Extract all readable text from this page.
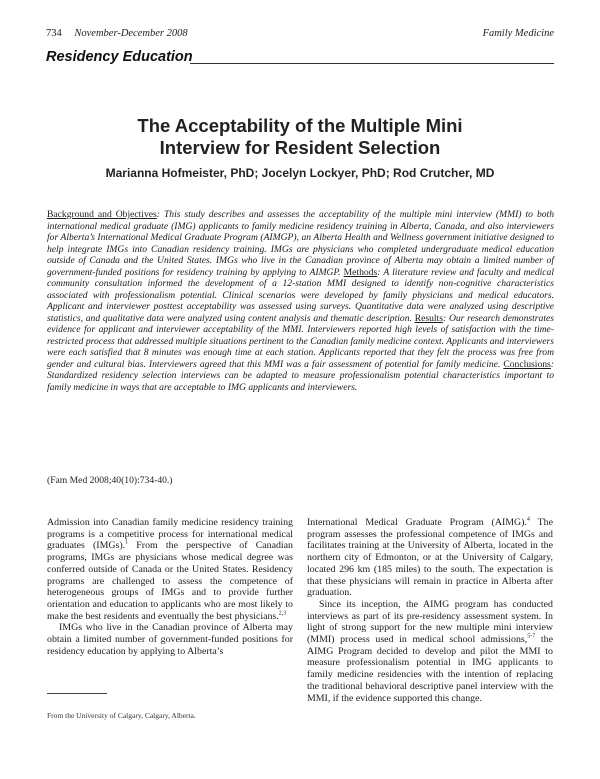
734 November-December 2008	Family Medicine
Residency Education
The Acceptability of the Multiple Mini
Interview for Resident Selection
Marianna Hofmeister, PhD; Jocelyn Lockyer, PhD; Rod Crutcher, MD
Background and Objectives: This study describes and assesses the acceptability of the multiple mini interview (MMI) to both international medical graduate (IMG) applicants to family medicine residency training in Alberta, Canada, and also interviewers for Alberta’s International Medical Graduate Program (AIMGP), an Alberta Health and Wellness government initiative designed to help integrate IMGs into Canadian residency training. IMGs are physicians who completed undergraduate medical education outside of Canada and the United States. IMGs who live in the Canadian province of Alberta may obtain a limited number of government-funded positions for residency training by applying to AIMGP. Methods: A literature review and faculty and medical community consultation informed the development of a 12-station MMI designed to identify non-cognitive characteristics associated with professionalism potential. Clinical scenarios were developed by family physicians and medical educators. Applicant and interviewer posttest acceptability was assessed using surveys. Quantitative data were analyzed using descriptive statistics, and qualitative data were analyzed using content analysis and thematic description. Results: Our research demonstrates evidence for applicant and interviewer acceptability of the MMI. Interviewers reported high levels of satisfaction with the time-restricted process that addressed multiple situations pertinent to the Canadian family medicine context. Applicants and interviewers were each satisfied that 8 minutes was enough time at each station. Applicants reported that they felt the process was free from gender and cultural bias. Interviewers agreed that this MMI was a fair assessment of potential for family medicine. Conclusions: Standardized residency selection interviews can be adapted to measure professionalism potential characteristics important to family medicine in ways that are acceptable to IMG applicants and interviewers.
(Fam Med 2008;40(10):734-40.)

Admission into Canadian family medicine residency training programs is a competitive process for international medical graduates (IMGs).$^1$ From the perspective of Canadian programs, IMGs are physicians whose medical degree was conferred outside of Canada or the United States. Residency programs are challenged to assess the competence of heterogeneous groups of IMGs and to provide further orientation and education to applicants who are most likely to make the best residents and eventually the best physicians.$^{2,3}$

IMGs who live in the Canadian province of Alberta may obtain a limited number of government-funded positions for residency education by applying to Alberta’s

International Medical Graduate Program (AIMG).$^4$ The program assesses the professional competence of IMGs and facilitates training at the University of Alberta, located in the northern city of Edmonton, or at the University of Calgary, located 296 km (185 miles) to the south. The expectation is that these physicians will remain in practice in Alberta after graduation.

Since its inception, the AIMG program has conducted interviews as part of its pre-residency assessment system. In light of strong support for the new multiple mini interview (MMI) process used in medical school admissions,$^{5-7}$ the AIMG Program decided to develop and pilot the MMI to measure professionalism potential in IMG applicants to family medicine residencies with the intention of replacing the traditional behavioral descriptive panel interview with the MMI, if the evidence supported this change.

From the University of Calgary, Calgary, Alberta.
